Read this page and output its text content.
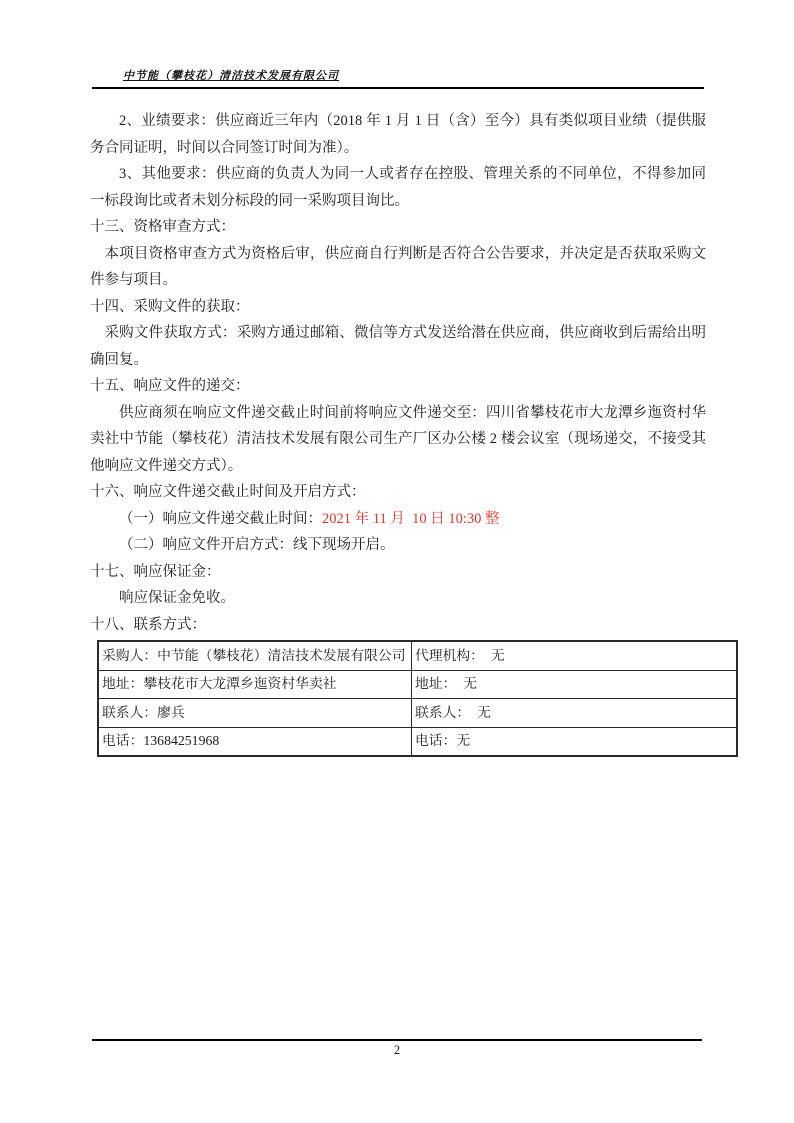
中节能（攀枝花）清洁技术发展有限公司

2、业绩要求：供应商近三年内（2018 年 1 月 1 日（含）至今）具有类似项目业绩（提供服务合同证明，时间以合同签订时间为准）。

3、其他要求：供应商的负责人为同一人或者存在控股、管理关系的不同单位，不得参加同一标段询比或者未划分标段的同一采购项目询比。

十三、资格审查方式：

本项目资格审查方式为资格后审，供应商自行判断是否符合公告要求，并决定是否获取采购文件参与项目。

十四、采购文件的获取：

采购文件获取方式：采购方通过邮箱、微信等方式发送给潜在供应商，供应商收到后需给出明确回复。

十五、响应文件的递交：

供应商须在响应文件递交截止时间前将响应文件递交至：四川省攀枝花市大龙潭乡迤资村华卖社中节能（攀枝花）清洁技术发展有限公司生产厂区办公楼 2 楼会议室（现场递交，不接受其他响应文件递交方式）。

十六、响应文件递交截止时间及开启方式：

（一）响应文件递交截止时间：2021 年 11 月  10 日 10:30 整

（二）响应文件开启方式：线下现场开启。

十七、响应保证金：

响应保证金免收。

十八、联系方式：

采购人：中节能（攀枝花）清洁技术发展有限公司	代理机构：  无
地址：攀枝花市大龙潭乡迤资村华卖社	地址：  无
联系人：廖兵	联系人：  无
电话：13684251968	电话：无
2
